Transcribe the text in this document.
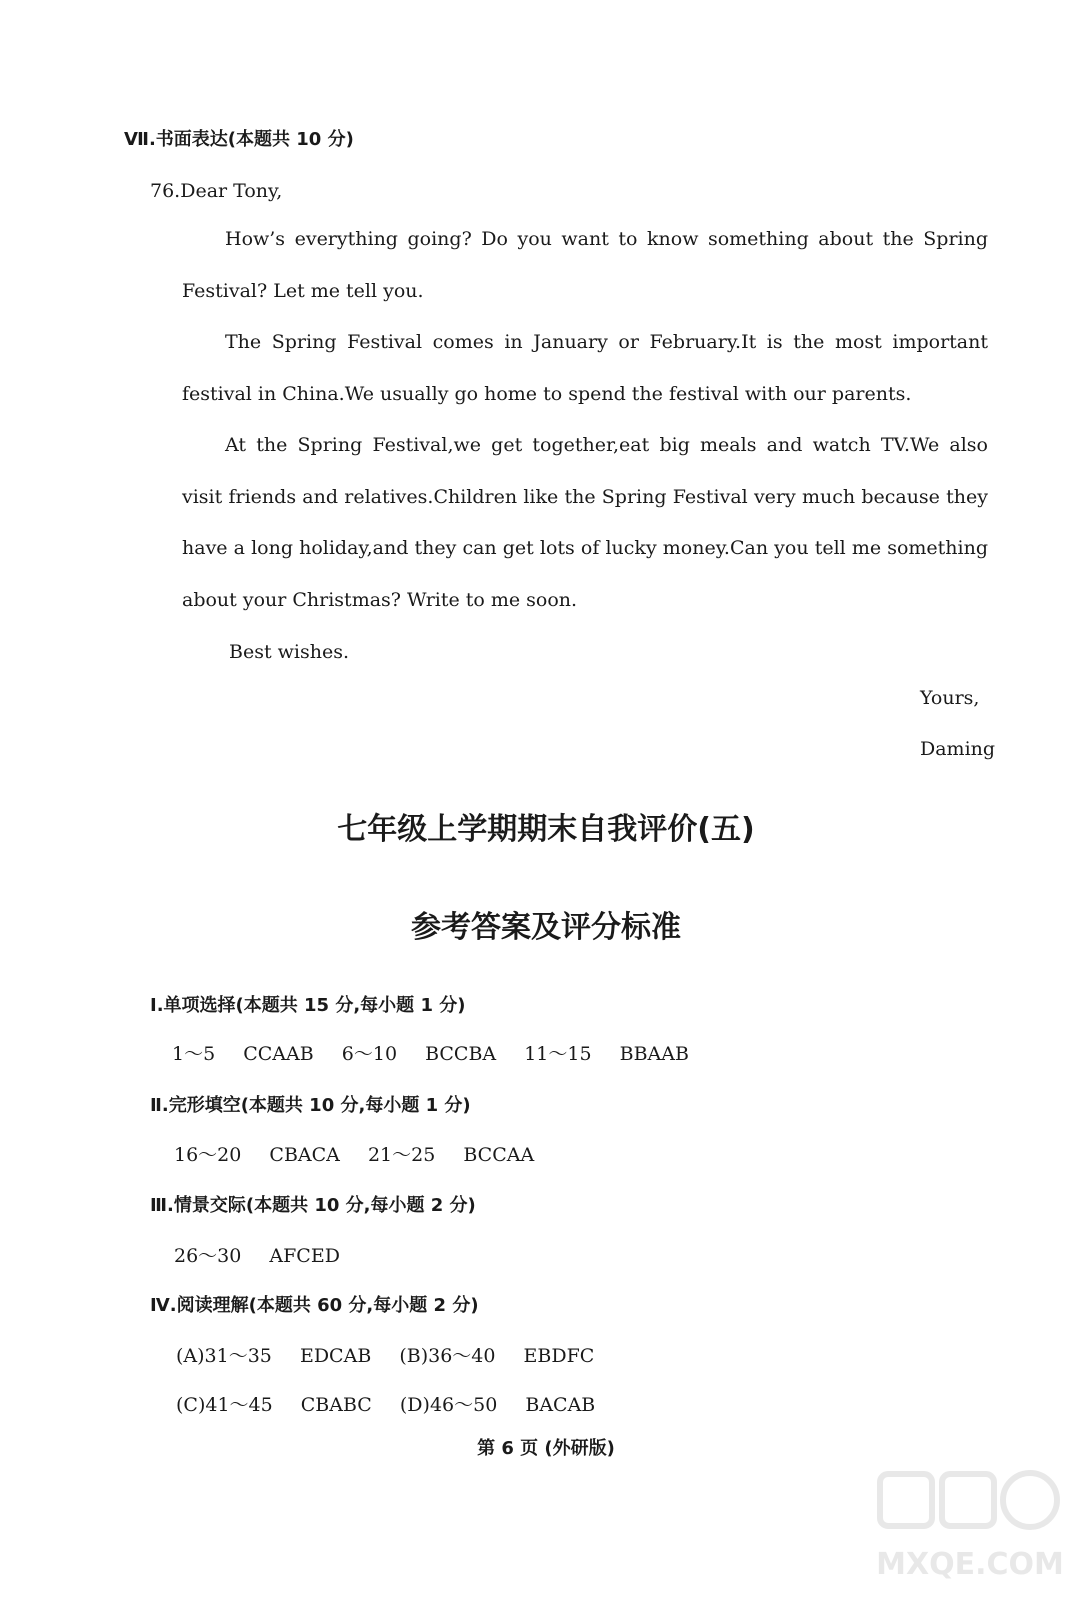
Ⅶ.书面表达(本题共 10 分)
76.Dear Tony,
How’s everything going? Do you want to know something about the Spring Festival? Let me tell you.
The Spring Festival comes in January or February.It is the most important festival in China.We usually go home to spend the festival with our parents.
At the Spring Festival,we get together,eat big meals and watch TV.We also visit friends and relatives.Children like the Spring Festival very much because they have a long holiday,and they can get lots of lucky money.Can you tell me something about your Christmas? Write to me soon.
Best wishes.
Yours,
Daming
七年级上学期期末自我评价(五)
参考答案及评分标准
Ⅰ.单项选择(本题共 15 分,每小题 1 分)
1～5 CCAAB 6～10 BCCBA 11～15 BBAAB
Ⅱ.完形填空(本题共 10 分,每小题 1 分)
16～20 CBACA 21～25 BCCAA
Ⅲ.情景交际(本题共 10 分,每小题 2 分)
26～30 AFCED
Ⅳ.阅读理解(本题共 60 分,每小题 2 分)
(A)31～35 EDCAB (B)36～40 EBDFC
(C)41～45 CBABC (D)46～50 BACAB
第 6 页 (外研版)
MXQE.COM
